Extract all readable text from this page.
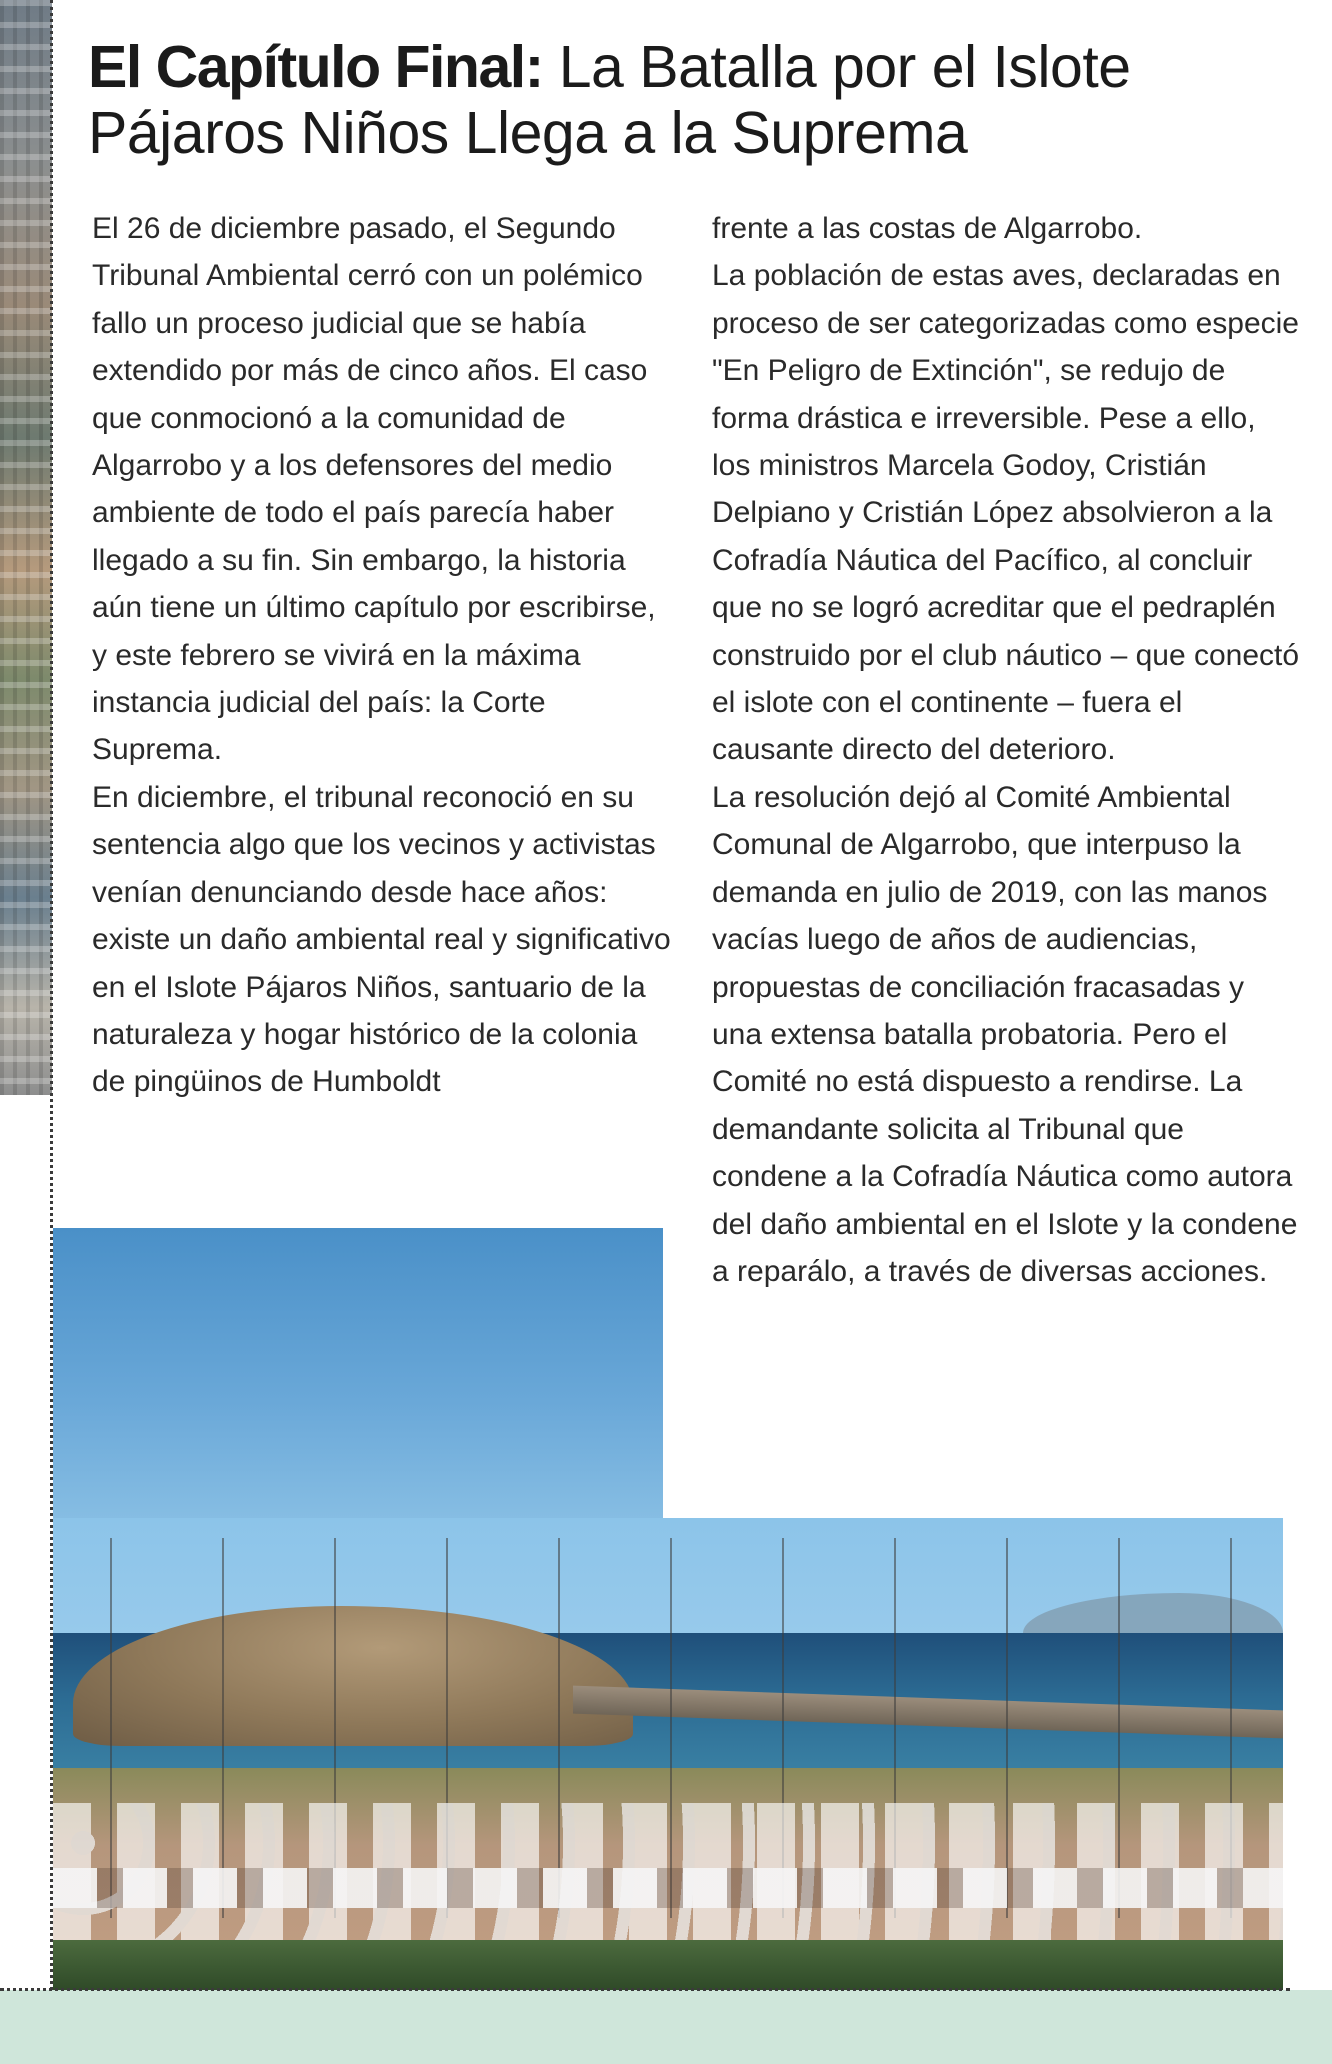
El Capítulo Final: La Batalla por el Islote Pájaros Niños Llega a la Suprema

El 26 de diciembre pasado, el Segundo Tribunal Ambiental cerró con un polémico fallo un proceso judicial que se había extendido por más de cinco años. El caso que conmocionó a la comunidad de Algarrobo y a los defensores del medio ambiente de todo el país parecía haber llegado a su fin. Sin embargo, la historia aún tiene un último capítulo por escribirse, y este febrero se vivirá en la máxima instancia judicial del país: la Corte Suprema.

En diciembre, el tribunal reconoció en su sentencia algo que los vecinos y activistas venían denunciando desde hace años: existe un daño ambiental real y significativo en el Islote Pájaros Niños, santuario de la naturaleza y hogar histórico de la colonia de pingüinos de Humboldt

frente a las costas de Algarrobo.

La población de estas aves, declaradas en proceso de ser categorizadas como especie "En Peligro de Extinción", se redujo de forma drástica e irreversible. Pese a ello, los ministros Marcela Godoy, Cristián Delpiano y Cristián López absolvieron a la Cofradía Náutica del Pacífico, al concluir que no se logró acreditar que el pedraplén construido por el club náutico – que conectó el islote con el continente – fuera el causante directo del deterioro.

La resolución dejó al Comité Ambiental Comunal de Algarrobo, que interpuso la demanda en julio de 2019, con las manos vacías luego de años de audiencias, propuestas de conciliación fracasadas y una extensa batalla probatoria. Pero el Comité no está dispuesto a rendirse. La demandante solicita al Tribunal que condene a la Cofradía Náutica como autora del daño ambiental en el Islote y la condene a reparálo, a través de diversas acciones.
